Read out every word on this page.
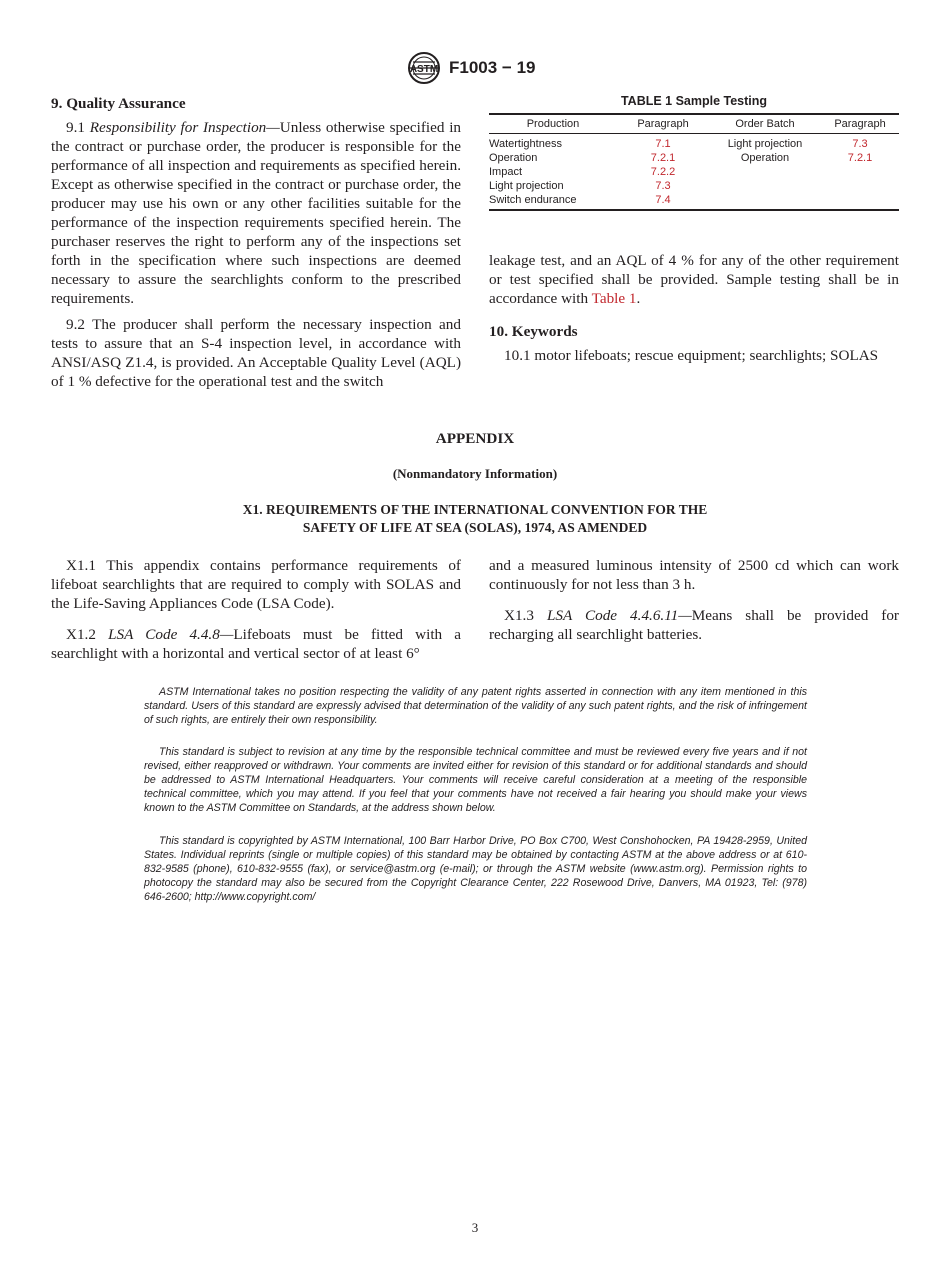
ASTM F1003 − 19
9. Quality Assurance

9.1 Responsibility for Inspection—Unless otherwise specified in the contract or purchase order, the producer is responsible for the performance of all inspection and requirements as specified herein. Except as otherwise specified in the contract or purchase order, the producer may use his own or any other facilities suitable for the performance of the inspection requirements specified herein. The purchaser reserves the right to perform any of the inspections set forth in the specification where such inspections are deemed necessary to assure the searchlights conform to the prescribed requirements.

9.2 The producer shall perform the necessary inspection and tests to assure that an S-4 inspection level, in accordance with ANSI/ASQ Z1.4, is provided. An Acceptable Quality Level (AQL) of 1 % defective for the operational test and the switch

TABLE 1 Sample Testing
Production	Paragraph	Order Batch	Paragraph
Watertightness	7.1	Light projection	7.3
Operation	7.2.1	Operation	7.2.1
Impact	7.2.2		
Light projection	7.3		
Switch endurance	7.4		

leakage test, and an AQL of 4 % for any of the other requirement or test specified shall be provided. Sample testing shall be in accordance with Table 1.

10. Keywords

10.1 motor lifeboats; rescue equipment; searchlights; SOLAS

APPENDIX
(Nonmandatory Information)
X1. REQUIREMENTS OF THE INTERNATIONAL CONVENTION FOR THE
SAFETY OF LIFE AT SEA (SOLAS), 1974, AS AMENDED

X1.1 This appendix contains performance requirements of lifeboat searchlights that are required to comply with SOLAS and the Life-Saving Appliances Code (LSA Code).

X1.2 LSA Code 4.4.8—Lifeboats must be fitted with a searchlight with a horizontal and vertical sector of at least 6°

and a measured luminous intensity of 2500 cd which can work continuously for not less than 3 h.

X1.3 LSA Code 4.4.6.11—Means shall be provided for recharging all searchlight batteries.

ASTM International takes no position respecting the validity of any patent rights asserted in connection with any item mentioned in this standard. Users of this standard are expressly advised that determination of the validity of any such patent rights, and the risk of infringement of such rights, are entirely their own responsibility.

This standard is subject to revision at any time by the responsible technical committee and must be reviewed every five years and if not revised, either reapproved or withdrawn. Your comments are invited either for revision of this standard or for additional standards and should be addressed to ASTM International Headquarters. Your comments will receive careful consideration at a meeting of the responsible technical committee, which you may attend. If you feel that your comments have not received a fair hearing you should make your views known to the ASTM Committee on Standards, at the address shown below.

This standard is copyrighted by ASTM International, 100 Barr Harbor Drive, PO Box C700, West Conshohocken, PA 19428-2959, United States. Individual reprints (single or multiple copies) of this standard may be obtained by contacting ASTM at the above address or at 610-832-9585 (phone), 610-832-9555 (fax), or service@astm.org (e-mail); or through the ASTM website (www.astm.org). Permission rights to photocopy the standard may also be secured from the Copyright Clearance Center, 222 Rosewood Drive, Danvers, MA 01923, Tel: (978) 646-2600; http://www.copyright.com/

3
